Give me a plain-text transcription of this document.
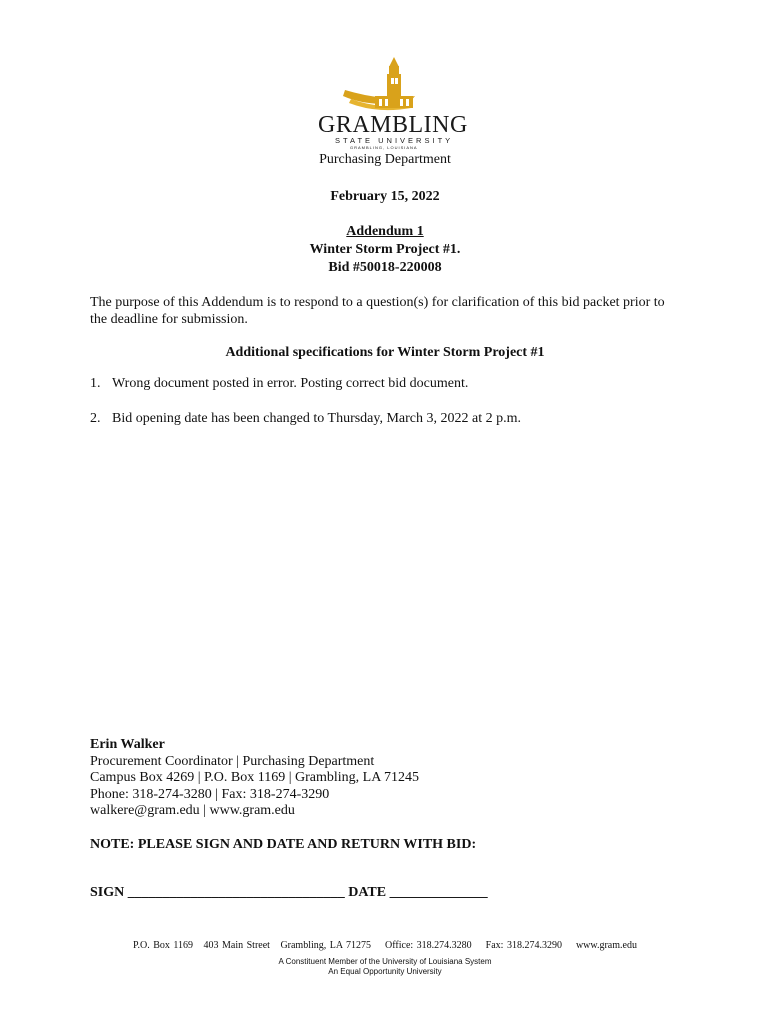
GRAMBLING
STATE UNIVERSITY
GRAMBLING, LOUISIANA
Purchasing Department
February 15, 2022
Addendum 1
Winter Storm Project #1.
Bid #50018-220008
The purpose of this Addendum is to respond to a question(s) for clarification of this bid packet prior to the deadline for submission.
Additional specifications for Winter Storm Project #1
1. Wrong document posted in error. Posting correct bid document.
2. Bid opening date has been changed to Thursday, March 3, 2022 at 2 p.m.
Erin Walker
Procurement Coordinator | Purchasing Department
Campus Box 4269 | P.O. Box 1169 | Grambling, LA 71245
Phone: 318-274-3280 | Fax: 318-274-3290
walkere@gram.edu | www.gram.edu
NOTE: PLEASE SIGN AND DATE AND RETURN WITH BID:
SIGN _______________________________ DATE ______________
P.O. Box 1169   403 Main Street   Grambling, LA 71275    Office: 318.274.3280    Fax: 318.274.3290    www.gram.edu
A Constituent Member of the University of Louisiana System
An Equal Opportunity University
